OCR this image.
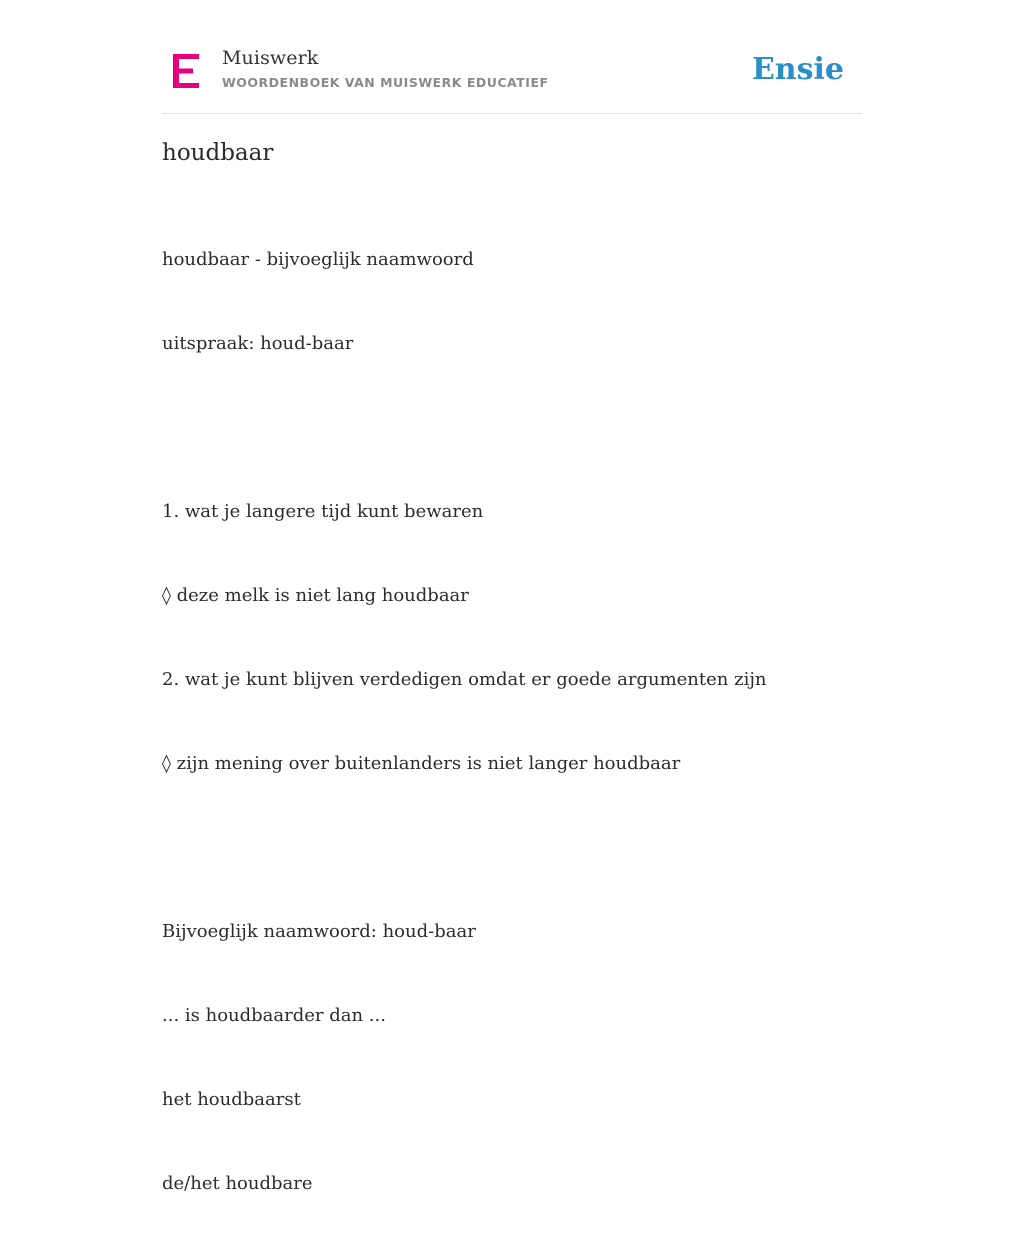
Muiswerk
WOORDENBOEK VAN MUISWERK EDUCATIEF	Ensie
houdbaar

houdbaar - bijvoeglijk naamwoord

uitspraak: houd-baar

1. wat je langere tijd kunt bewaren

◊ deze melk is niet lang houdbaar

2. wat je kunt blijven verdedigen omdat er goede argumenten zijn

◊ zijn mening over buitenlanders is niet langer houdbaar

Bijvoeglijk naamwoord: houd-baar

... is houdbaarder dan ...

het houdbaarst

de/het houdbare
